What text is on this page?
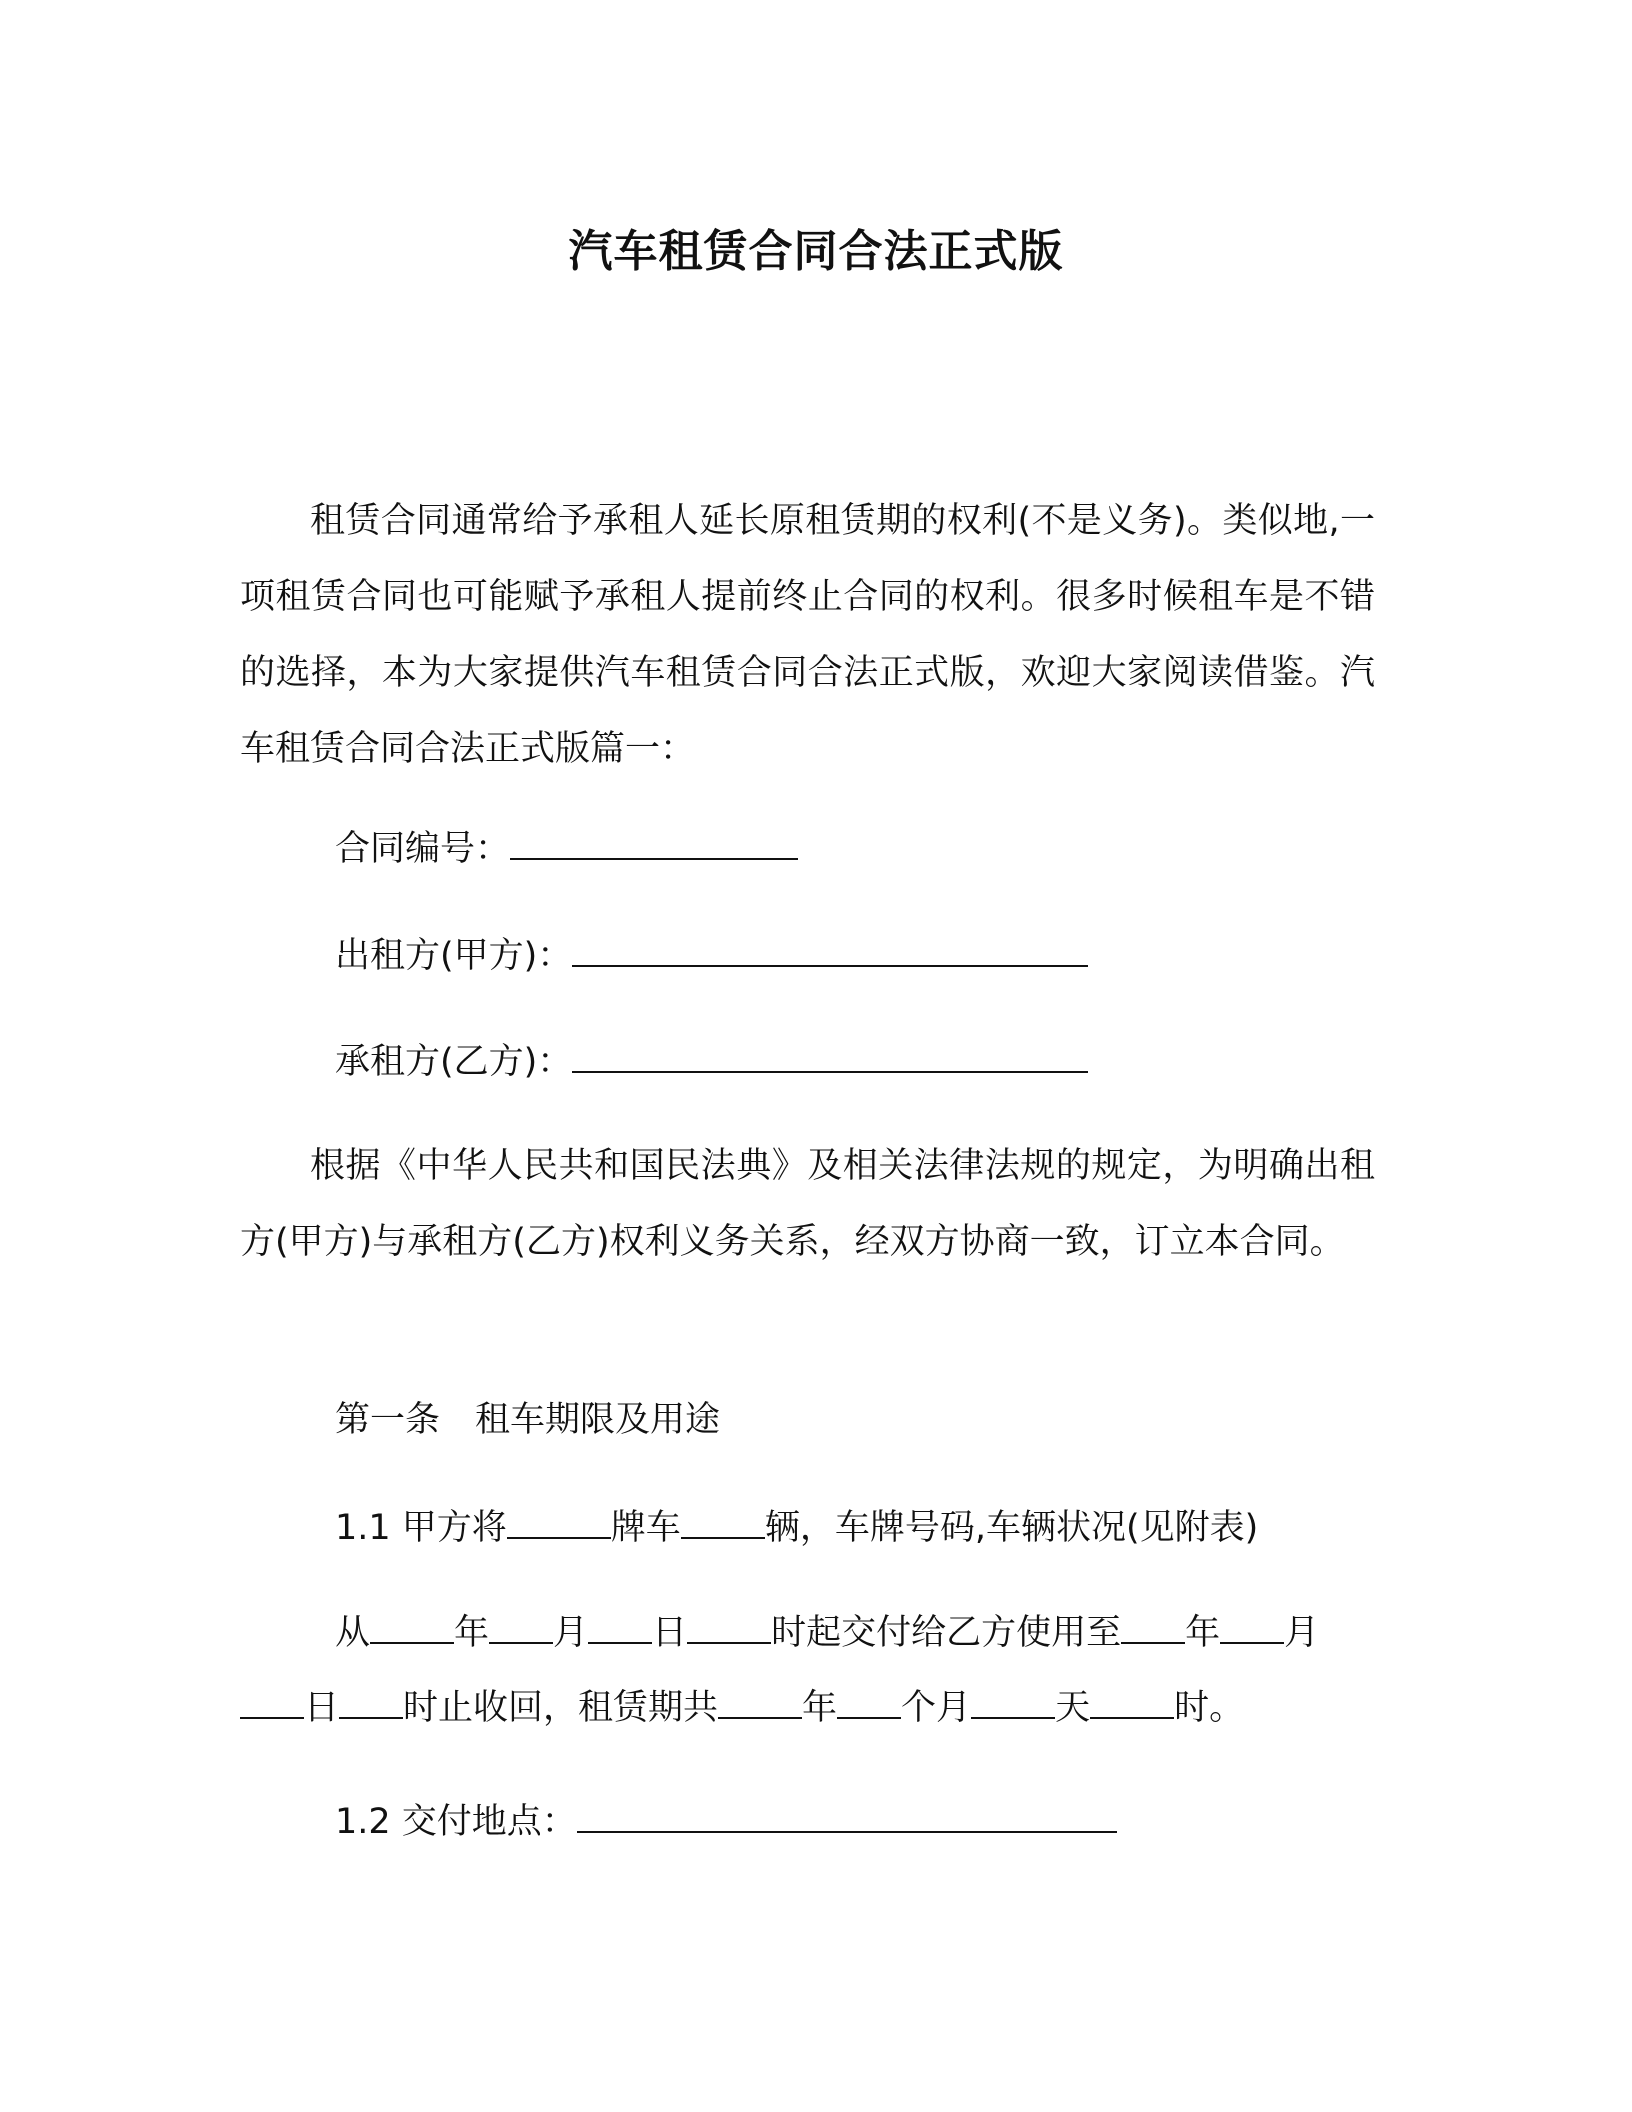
汽车租赁合同合法正式版

租赁合同通常给予承租人延长原租赁期的权利(不是义务)。类似地,一项租赁合同也可能赋予承租人提前终止合同的权利。很多时候租车是不错的选择，本为大家提供汽车租赁合同合法正式版，欢迎大家阅读借鉴。汽车租赁合同合法正式版篇一：

合同编号：
出租方(甲方)：
承租方(乙方)：

根据《中华人民共和国民法典》及相关法律法规的规定，为明确出租方(甲方)与承租方(乙方)权利义务关系，经双方协商一致，订立本合同。

第一条　租车期限及用途
1.1 甲方将	牌车 辆，车牌号码,车辆状况(见附表)
从 年 月 日 时起交付给乙方使用至 年 月
日 时止收回，租赁期共 年 个月 天 时。
1.2 交付地点：
